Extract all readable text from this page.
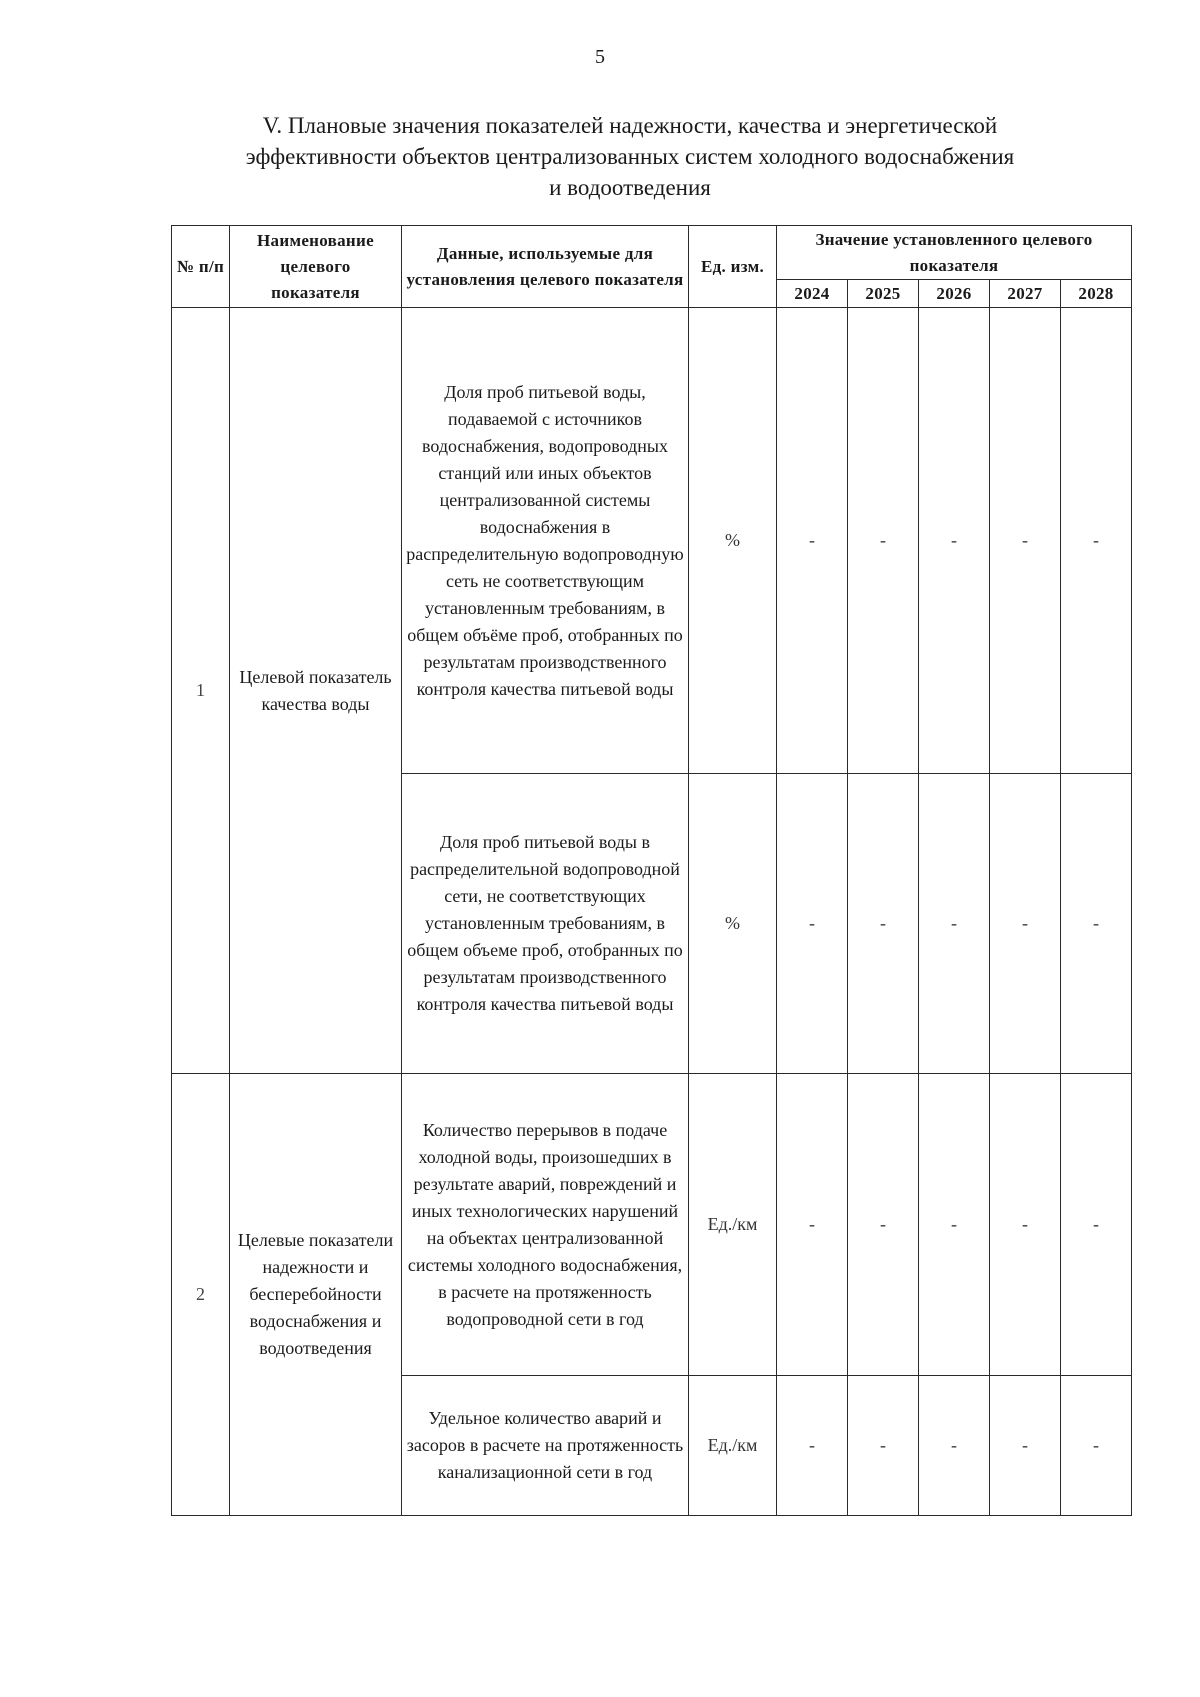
5
V. Плановые значения показателей надежности, качества и энергетической
эффективности объектов централизованных систем холодного водоснабжения
и водоотведения
№ п/п	Наименование целевого показателя	Данные, используемые для установления целевого показателя	Ед. изм.	Значение установленного целевого показателя				
				2024	2025	2026	2027	2028
1	Целевой показатель качества воды	Доля проб питьевой воды, подаваемой с источников водоснабжения, водопроводных станций или иных объектов централизованной системы водоснабжения в распределительную водопроводную сеть не соответствующим установленным требованиям, в общем объёме проб, отобранных по результатам производственного контроля качества питьевой воды	%	-	-	-	-	-
		Доля проб питьевой воды в распределительной водопроводной сети, не соответствующих установленным требованиям, в общем объеме проб, отобранных по результатам производственного контроля качества питьевой воды	%	-	-	-	-	-
2	Целевые показатели надежности и бесперебойности водоснабжения и водоотведения	Количество перерывов в подаче холодной воды, произошедших в результате аварий, повреждений и иных технологических нарушений на объектах централизованной системы холодного водоснабжения, в расчете на протяженность водопроводной сети в год	Ед./км	-	-	-	-	-
		Удельное количество аварий и засоров в расчете на протяженность канализационной сети в год	Ед./км	-	-	-	-	-
